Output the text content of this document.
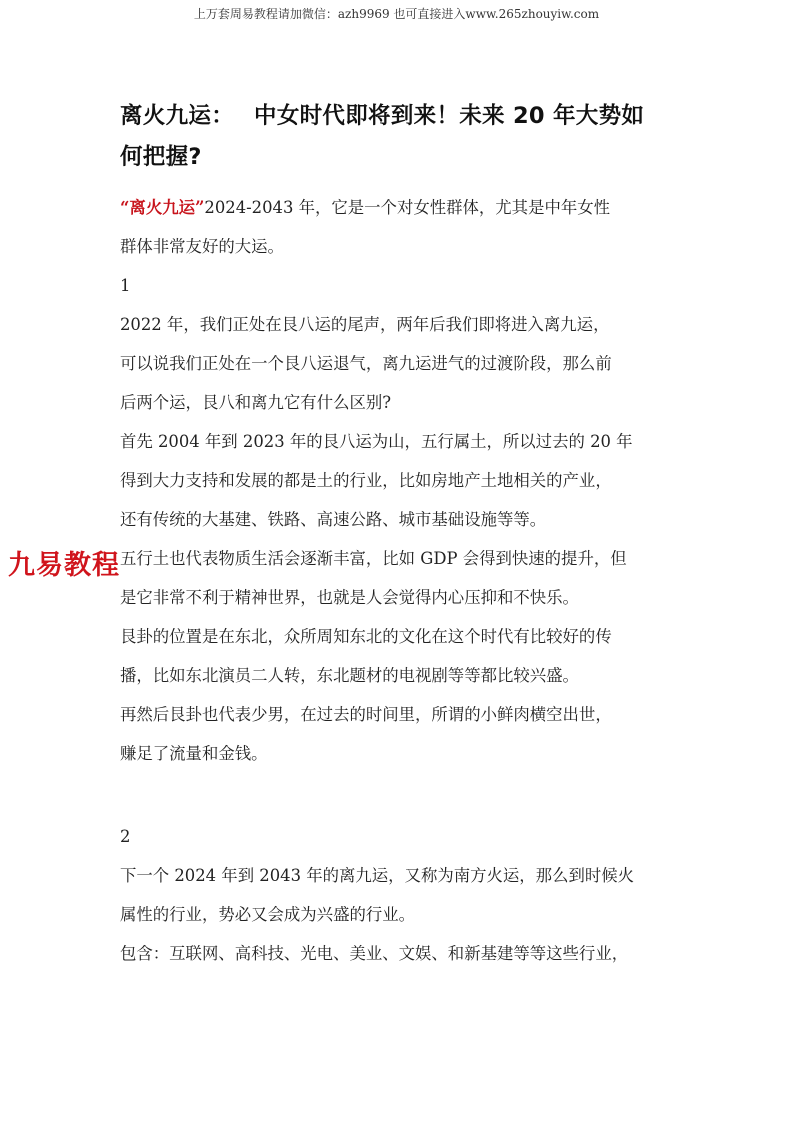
上万套周易教程请加微信：azh9969 也可直接进入www.265zhouyiw.com
九易教程
离火九运： 中女时代即将到来！未来 20 年大势如
何把握?

“离火九运”2024-2043 年，它是一个对女性群体，尤其是中年女性
群体非常友好的大运。

1

2022 年，我们正处在艮八运的尾声，两年后我们即将进入离九运，
可以说我们正处在一个艮八运退气，离九运进气的过渡阶段，那么前
后两个运，艮八和离九它有什么区别?

首先 2004 年到 2023 年的艮八运为山，五行属土，所以过去的 20 年
得到大力支持和发展的都是土的行业，比如房地产土地相关的产业，
还有传统的大基建、铁路、高速公路、城市基础设施等等。

五行土也代表物质生活会逐渐丰富，比如 GDP 会得到快速的提升，但
是它非常不利于精神世界，也就是人会觉得内心压抑和不快乐。

艮卦的位置是在东北，众所周知东北的文化在这个时代有比较好的传
播，比如东北演员二人转，东北题材的电视剧等等都比较兴盛。

再然后艮卦也代表少男，在过去的时间里，所谓的小鲜肉横空出世，
赚足了流量和金钱。

2

下一个 2024 年到 2043 年的离九运，又称为南方火运，那么到时候火
属性的行业，势必又会成为兴盛的行业。

包含：互联网、高科技、光电、美业、文娱、和新基建等等这些行业，
